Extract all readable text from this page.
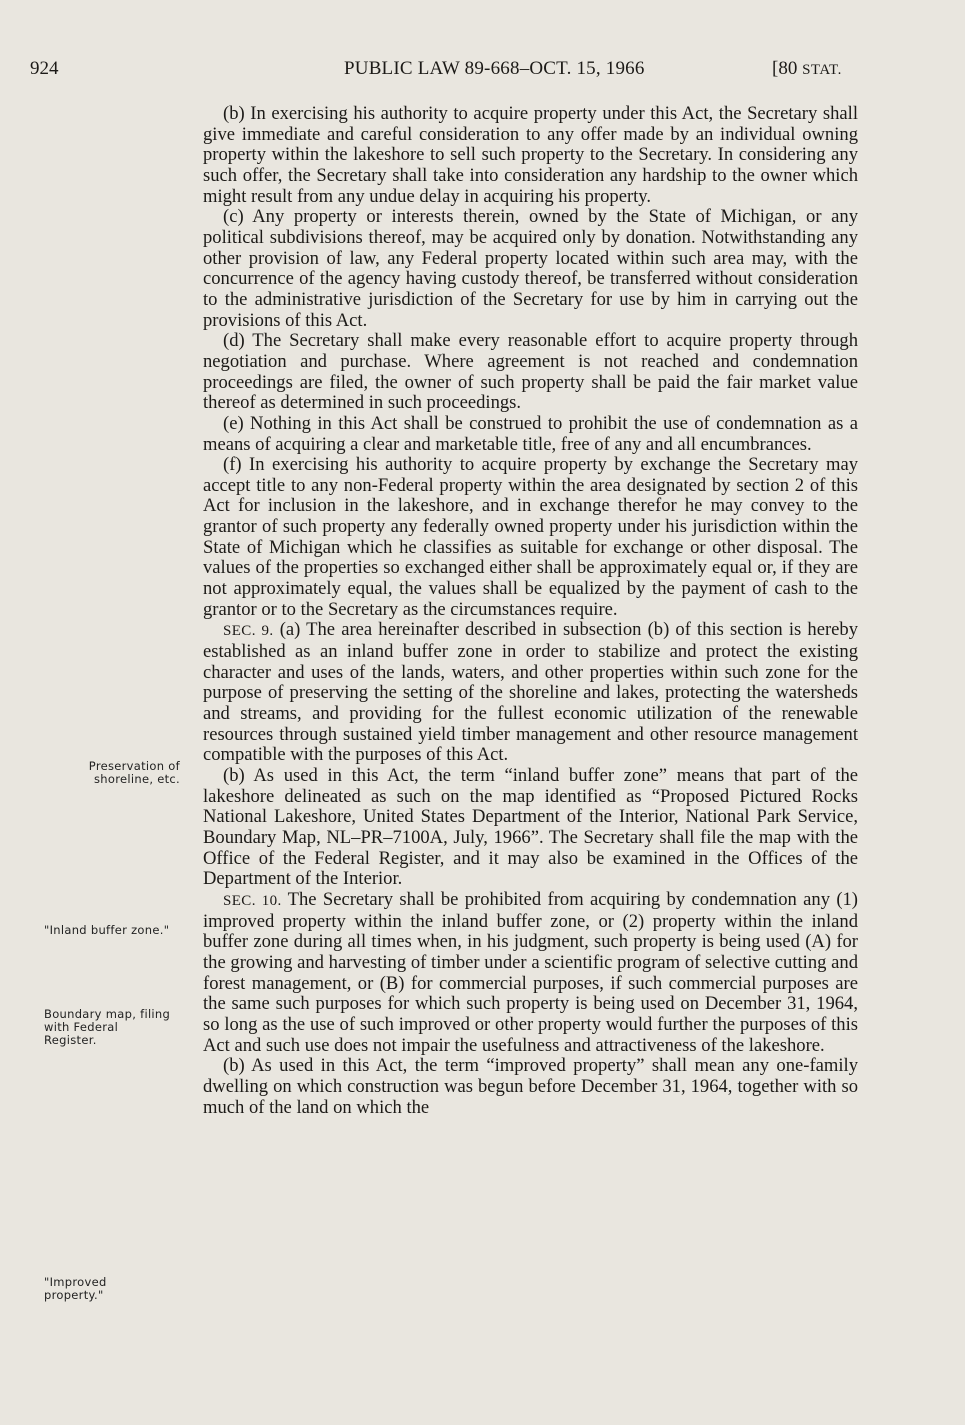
924	PUBLIC LAW 89-668–OCT. 15, 1966	[80 STAT.

(b) In exercising his authority to acquire property under this Act, the Secretary shall give immediate and careful consideration to any offer made by an individual owning property within the lakeshore to sell such property to the Secretary. In considering any such offer, the Secretary shall take into consideration any hardship to the owner which might result from any undue delay in acquiring his property.

(c) Any property or interests therein, owned by the State of Michigan, or any political subdivisions thereof, may be acquired only by donation. Notwithstanding any other provision of law, any Federal property located within such area may, with the concurrence of the agency having custody thereof, be transferred without consideration to the administrative jurisdiction of the Secretary for use by him in carrying out the provisions of this Act.

(d) The Secretary shall make every reasonable effort to acquire property through negotiation and purchase. Where agreement is not reached and condemnation proceedings are filed, the owner of such property shall be paid the fair market value thereof as determined in such proceedings.

(e) Nothing in this Act shall be construed to prohibit the use of condemnation as a means of acquiring a clear and marketable title, free of any and all encumbrances.

(f) In exercising his authority to acquire property by exchange the Secretary may accept title to any non-Federal property within the area designated by section 2 of this Act for inclusion in the lakeshore, and in exchange therefor he may convey to the grantor of such property any federally owned property under his jurisdiction within the State of Michigan which he classifies as suitable for exchange or other disposal. The values of the properties so exchanged either shall be approximately equal or, if they are not approximately equal, the values shall be equalized by the payment of cash to the grantor or to the Secretary as the circumstances require.

SEC. 9. (a) The area hereinafter described in subsection (b) of this section is hereby established as an inland buffer zone in order to stabilize and protect the existing character and uses of the lands, waters, and other properties within such zone for the purpose of preserving the setting of the shoreline and lakes, protecting the watersheds and streams, and providing for the fullest economic utilization of the renewable resources through sustained yield timber management and other resource management compatible with the purposes of this Act.

(b) As used in this Act, the term “inland buffer zone” means that part of the lakeshore delineated as such on the map identified as “Proposed Pictured Rocks National Lakeshore, United States Department of the Interior, National Park Service, Boundary Map, NL–PR–7100A, July, 1966”. The Secretary shall file the map with the Office of the Federal Register, and it may also be examined in the Offices of the Department of the Interior.

SEC. 10. The Secretary shall be prohibited from acquiring by condemnation any (1) improved property within the inland buffer zone, or (2) property within the inland buffer zone during all times when, in his judgment, such property is being used (A) for the growing and harvesting of timber under a scientific program of selective cutting and forest management, or (B) for commercial purposes, if such commercial purposes are the same such purposes for which such property is being used on December 31, 1964, so long as the use of such improved or other property would further the purposes of this Act and such use does not impair the usefulness and attractiveness of the lakeshore.

(b) As used in this Act, the term “improved property” shall mean any one-family dwelling on which construction was begun before December 31, 1964, together with so much of the land on which the

Preservation of shoreline, etc.
"Inland buffer zone."
Boundary map, filing with Federal Register.
"Improved property."
